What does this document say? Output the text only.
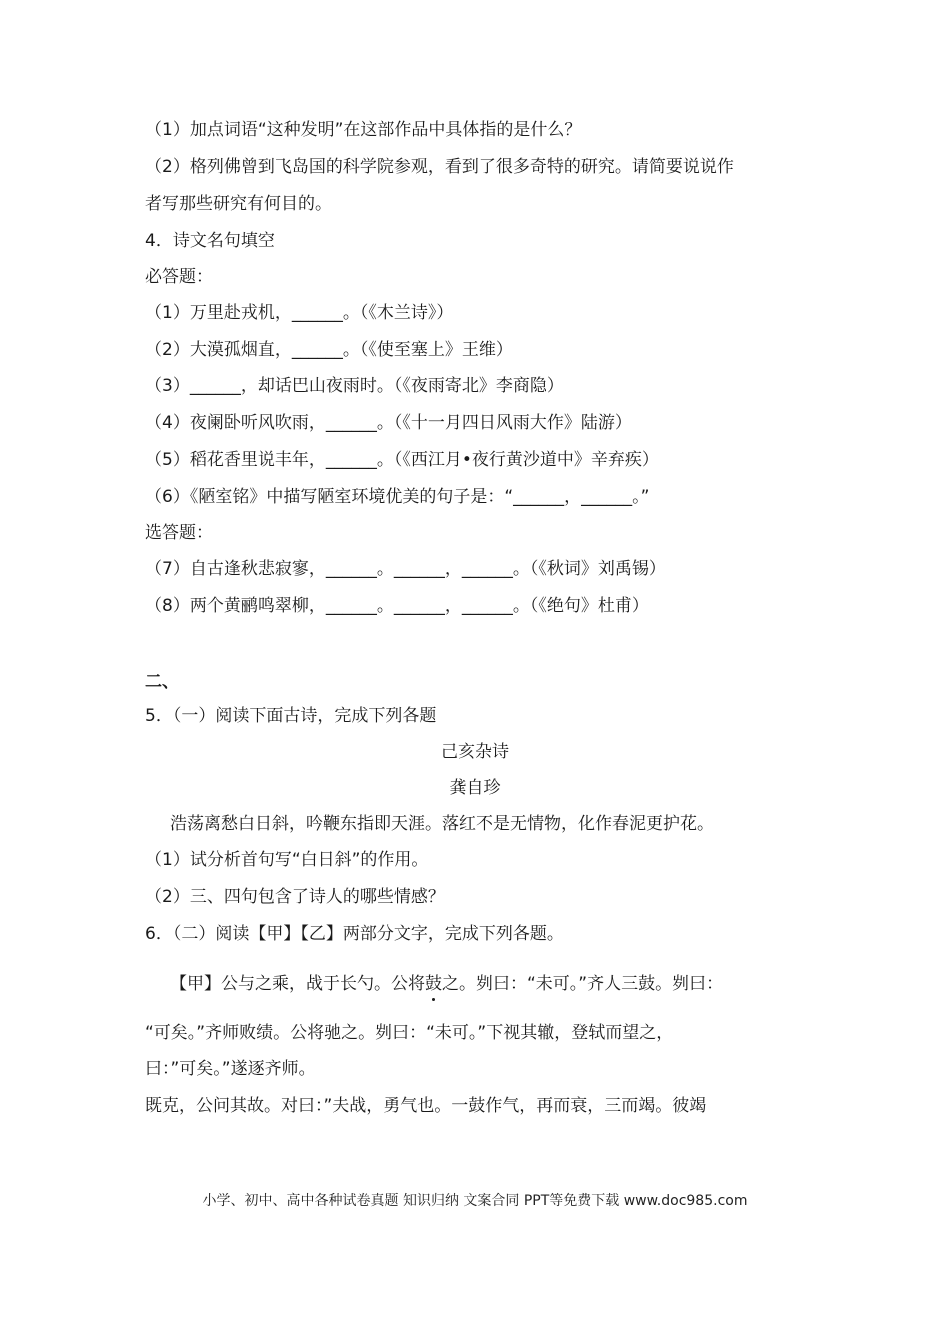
（1）加点词语“这种发明”在这部作品中具体指的是什么？
（2）格列佛曾到飞岛国的科学院参观，看到了很多奇特的研究。请简要说说作
者写那些研究有何目的。
4．诗文名句填空
必答题：
（1）万里赴戎机，______。（《木兰诗》）
（2）大漠孤烟直，______。（《使至塞上》王维）
（3）______，却话巴山夜雨时。（《夜雨寄北》李商隐）
（4）夜阑卧听风吹雨，______。（《十一月四日风雨大作》陆游）
（5）稻花香里说丰年，______。（《西江月•夜行黄沙道中》辛弃疾）
（6）《陋室铭》中描写陋室环境优美的句子是：“______，______。”
选答题：
（7）自古逢秋悲寂寥，______。______，______。（《秋词》刘禹锡）
（8）两个黄鹂鸣翠柳，______。______，______。（《绝句》杜甫）
二、
5．（一）阅读下面古诗，完成下列各题
己亥杂诗
龚自珍
浩荡离愁白日斜，吟鞭东指即天涯。落红不是无情物，化作春泥更护花。
（1）试分析首句写“白日斜”的作用。
（2）三、四句包含了诗人的哪些情感？
6．（二）阅读【甲】【乙】两部分文字，完成下列各题。
【甲】公与之乘，战于长勺。公将鼓之。刿曰：“未可。”齐人三鼓。刿曰：
“可矣。”齐师败绩。公将驰之。刿曰：“未可。”下视其辙，登轼而望之，
曰：”可矣。”遂逐齐师。
既克，公问其故。对曰：”夫战，勇气也。一鼓作气，再而衰，三而竭。彼竭
小学、初中、高中各种试卷真题 知识归纳 文案合同 PPT等免费下载 www.doc985.com
